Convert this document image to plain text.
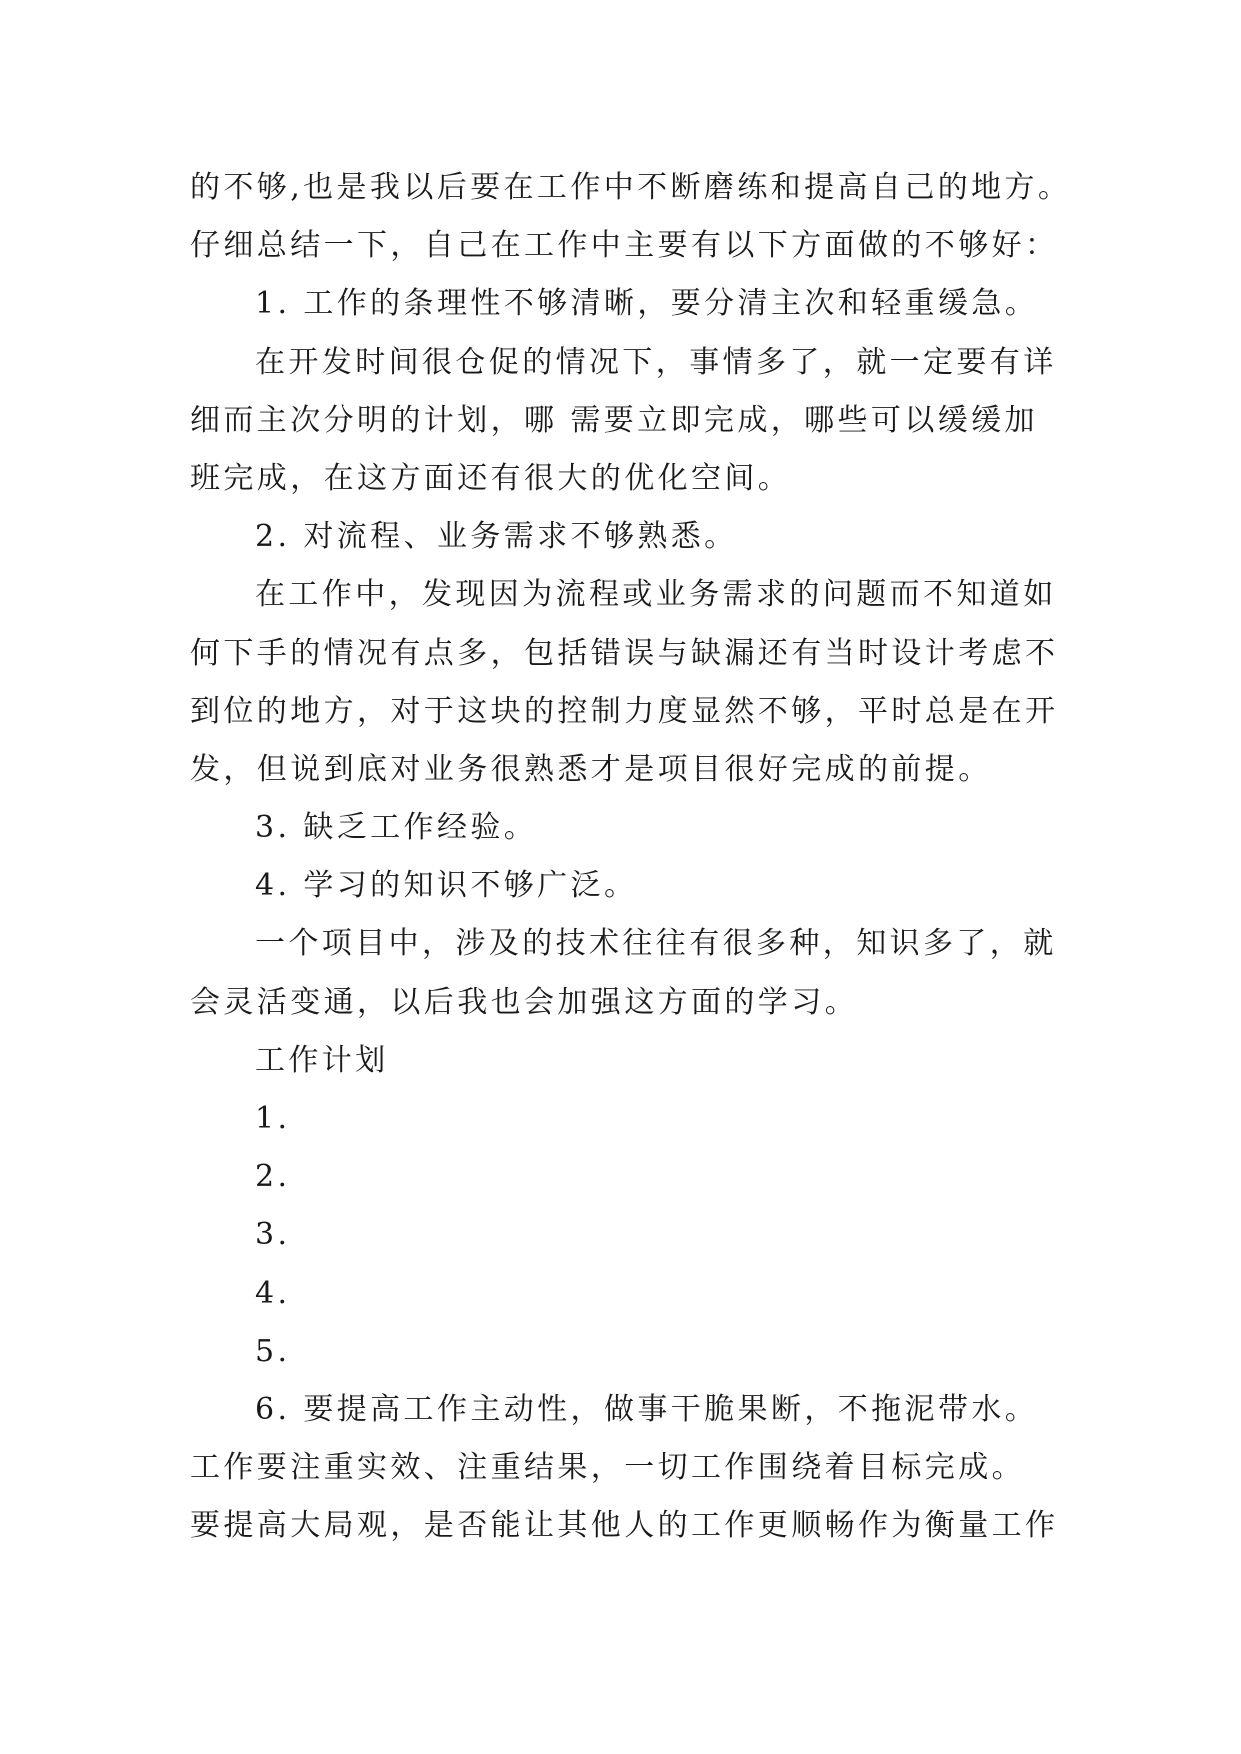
的不够,也是我以后要在工作中不断磨练和提高自己的地方。

仔细总结一下，自己在工作中主要有以下方面做的不够好：

1. 工作的条理性不够清晰，要分清主次和轻重缓急。

在开发时间很仓促的情况下，事情多了，就一定要有详

细而主次分明的计划，哪 需要立即完成，哪些可以缓缓加

班完成，在这方面还有很大的优化空间。

2. 对流程、业务需求不够熟悉。

在工作中，发现因为流程或业务需求的问题而不知道如

何下手的情况有点多，包括错误与缺漏还有当时设计考虑不

到位的地方，对于这块的控制力度显然不够，平时总是在开

发，但说到底对业务很熟悉才是项目很好完成的前提。

3. 缺乏工作经验。

4. 学习的知识不够广泛。

一个项目中，涉及的技术往往有很多种，知识多了，就

会灵活变通，以后我也会加强这方面的学习。

工作计划

1.

2.

3.

4.

5.

6. 要提高工作主动性，做事干脆果断，不拖泥带水。

工作要注重实效、注重结果，一切工作围绕着目标完成。

要提高大局观，是否能让其他人的工作更顺畅作为衡量工作
